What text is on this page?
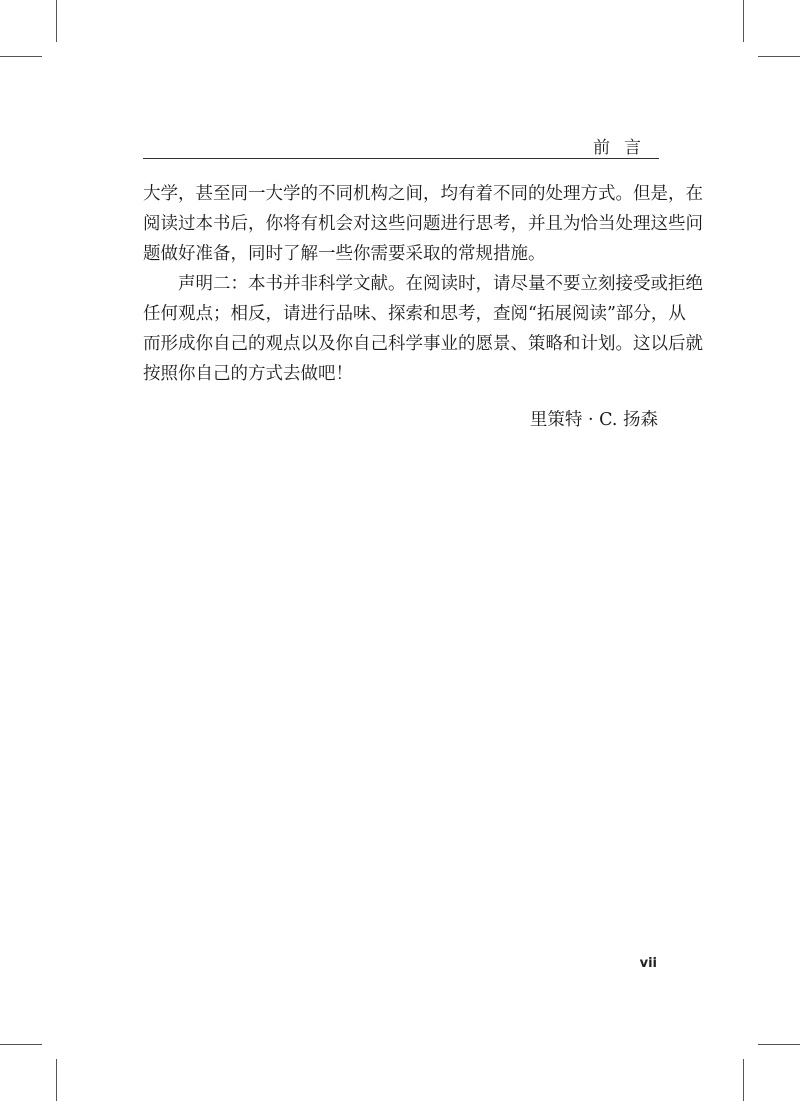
前言
大学，甚至同一大学的不同机构之间，均有着不同的处理方式。但是，在
阅读过本书后，你将有机会对这些问题进行思考，并且为恰当处理这些问
题做好准备，同时了解一些你需要采取的常规措施。
　　声明二：本书并非科学文献。在阅读时，请尽量不要立刻接受或拒绝
任何观点；相反，请进行品味、探索和思考，查阅“拓展阅读”部分，从
而形成你自己的观点以及你自己科学事业的愿景、策略和计划。这以后就
按照你自己的方式去做吧！
里策特 · C. 扬森
vii
